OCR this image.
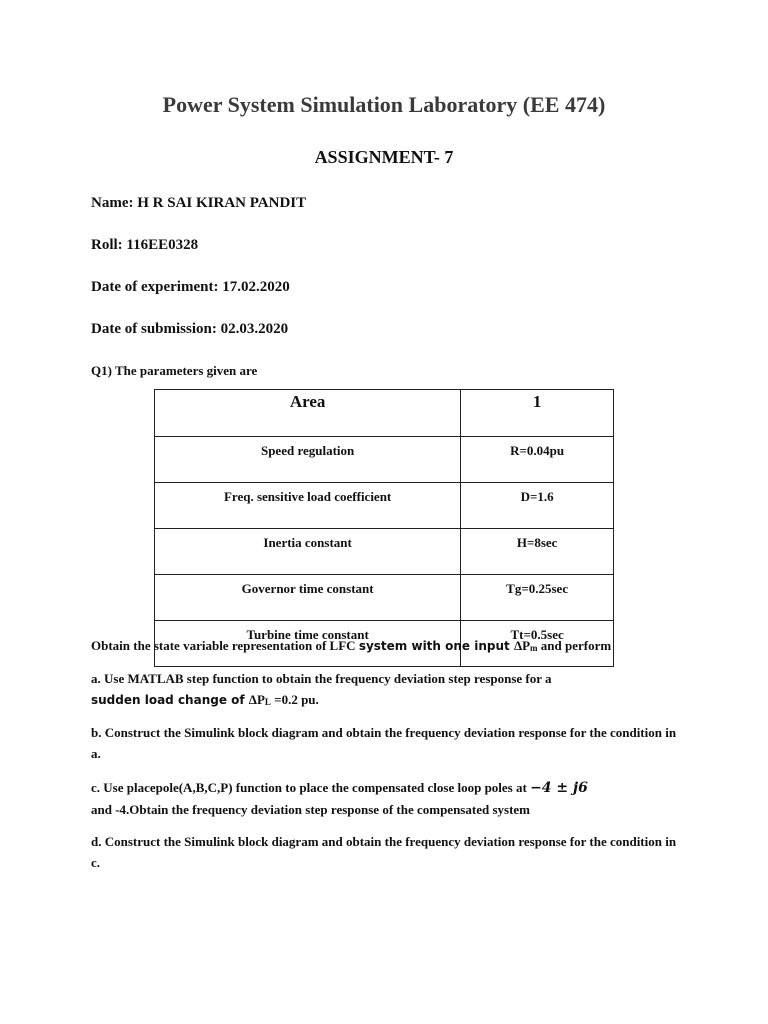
Power System Simulation Laboratory (EE 474)
ASSIGNMENT- 7
Name: H R SAI KIRAN PANDIT
Roll: 116EE0328
Date of experiment: 17.02.2020
Date of submission: 02.03.2020
Q1) The parameters given are
Area	1
Speed regulation	R=0.04pu
Freq. sensitive load coefficient	D=1.6
Inertia constant	H=8sec
Governor time constant	Tg=0.25sec
Turbine time constant	Tt=0.5sec
Obtain the state variable representation of LFC system with one input ΔPm and perform
a. Use MATLAB step function to obtain the frequency deviation step response for a
sudden load change of ΔPL =0.2 pu.
b. Construct the Simulink block diagram and obtain the frequency deviation response for the condition in a.
c. Use placepole(A,B,C,P) function to place the compensated close loop poles at −4 ± j6
and -4.Obtain the frequency deviation step response of the compensated system
d. Construct the Simulink block diagram and obtain the frequency deviation response for the condition in c.
